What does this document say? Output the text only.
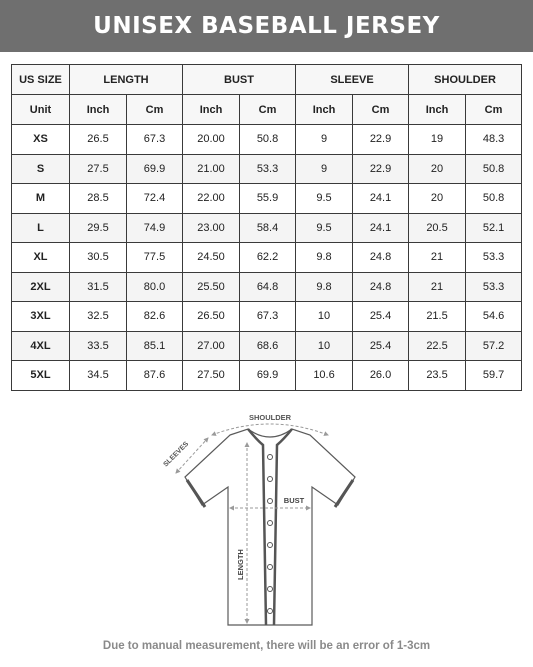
UNISEX BASEBALL JERSEY
US SIZE	LENGTH		BUST		SLEEVE		SHOULDER	
Unit	Inch	Cm	Inch	Cm	Inch	Cm	Inch	Cm
XS	26.5	67.3	20.00	50.8	9	22.9	19	48.3
S	27.5	69.9	21.00	53.3	9	22.9	20	50.8
M	28.5	72.4	22.00	55.9	9.5	24.1	20	50.8
L	29.5	74.9	23.00	58.4	9.5	24.1	20.5	52.1
XL	30.5	77.5	24.50	62.2	9.8	24.8	21	53.3
2XL	31.5	80.0	25.50	64.8	9.8	24.8	21	53.3
3XL	32.5	82.6	26.50	67.3	10	25.4	21.5	54.6
4XL	33.5	85.1	27.00	68.6	10	25.4	22.5	57.2
5XL	34.5	87.6	27.50	69.9	10.6	26.0	23.5	59.7
SHOULDER
SLEEVES
BUST
LENGTH
Due to manual measurement, there will be an error of 1-3cm
